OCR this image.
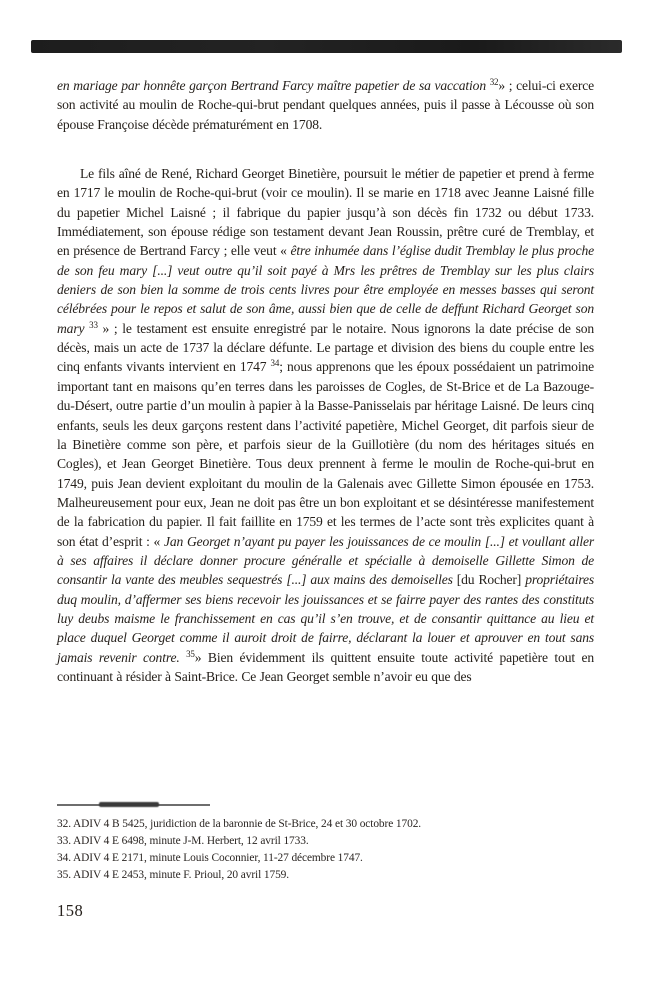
en mariage par honnête garçon Bertrand Farcy maître papetier de sa vaccation $^{32}$» ; celui-ci exerce son activité au moulin de Roche-qui-brut pendant quelques années, puis il passe à Lécousse où son épouse Françoise décède prématurément en 1708.

Le fils aîné de René, Richard Georget Binetière, poursuit le métier de papetier et prend à ferme en 1717 le moulin de Roche-qui-brut (voir ce moulin). Il se marie en 1718 avec Jeanne Laisné fille du papetier Michel Laisné ; il fabrique du papier jusqu’à son décès fin 1732 ou début 1733. Immédiatement, son épouse rédige son testament devant Jean Roussin, prêtre curé de Tremblay, et en présence de Bertrand Farcy ; elle veut « être inhumée dans l’église dudit Tremblay le plus proche de son feu mary [...] veut outre qu’il soit payé à Mrs les prêtres de Tremblay sur les plus clairs deniers de son bien la somme de trois cents livres pour être employée en messes basses qui seront célébrées pour le repos et salut de son âme, aussi bien que de celle de deffunt Richard Georget son mary $^{33}$ » ; le testament est ensuite enregistré par le notaire. Nous ignorons la date précise de son décès, mais un acte de 1737 la déclare défunte. Le partage et division des biens du couple entre les cinq enfants vivants intervient en 1747 $^{34}$; nous apprenons que les époux possédaient un patrimoine important tant en maisons qu’en terres dans les paroisses de Cogles, de St-Brice et de La Bazouge-du-Désert, outre partie d’un moulin à papier à la Basse-Panisselais par héritage Laisné. De leurs cinq enfants, seuls les deux garçons restent dans l’activité papetière, Michel Georget, dit parfois sieur de la Binetière comme son père, et parfois sieur de la Guillotière (du nom des héritages situés en Cogles), et Jean Georget Binetière. Tous deux prennent à ferme le moulin de Roche-qui-brut en 1749, puis Jean devient exploitant du moulin de la Galenais avec Gillette Simon épousée en 1753. Malheureusement pour eux, Jean ne doit pas être un bon exploitant et se désintéresse manifestement de la fabrication du papier. Il fait faillite en 1759 et les termes de l’acte sont très explicites quant à son état d’esprit : « Jan Georget n’ayant pu payer les jouissances de ce moulin [...] et voullant aller à ses affaires il déclare donner procure généralle et spécialle à demoiselle Gillette Simon de consantir la vante des meubles sequestrés [...] aux mains des demoiselles [du Rocher] propriétaires duq moulin, d’affermer ses biens recevoir les jouissances et se fairre payer des rantes des constituts luy deubs maisme le franchissement en cas qu’il s’en trouve, et de consantir quittance au lieu et place duquel Georget comme il auroit droit de fairre, déclarant la louer et aprouver en tout sans jamais revenir contre. $^{35}$» Bien évidemment ils quittent ensuite toute activité papetière tout en continuant à résider à Saint-Brice. Ce Jean Georget semble n’avoir eu que des

32. ADIV 4 B 5425, juridiction de la baronnie de St-Brice, 24 et 30 octobre 1702.
33. ADIV 4 E 6498, minute J-M. Herbert, 12 avril 1733.
34. ADIV 4 E 2171, minute Louis Coconnier, 11-27 décembre 1747.
35. ADIV 4 E 2453, minute F. Prioul, 20 avril 1759.
158
